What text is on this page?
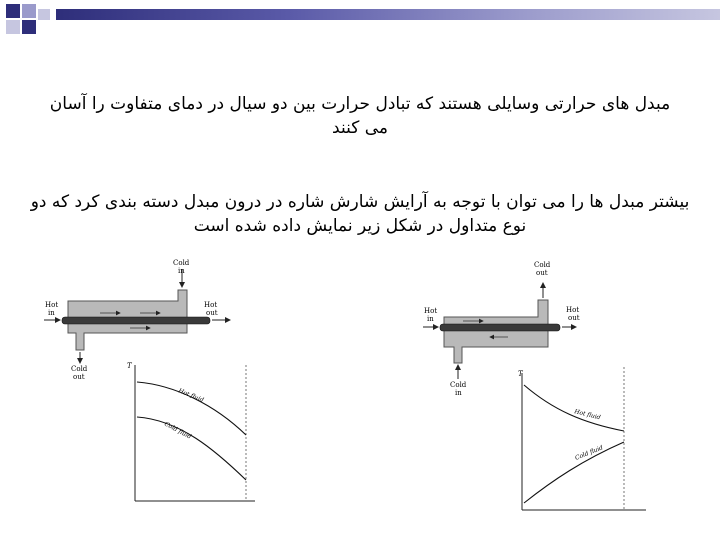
مبدل های حرارتی وسایلی هستند که تبادل حرارت بین دو سیال در دمای متفاوت را آسان می کنند
بیشتر مبدل ها را می توان با توجه به آرایش شارش شاره در درون مبدل دسته بندی کرد که دو نوع متداول در شکل زیر نمایش داده شده است
Hot
in
Hot
out
Cold
in
Cold
out
T
Hot fluid
Cold fluid
Hot
in
Hot
out
Cold
out
Cold
in
T
Hot fluid
Cold fluid
